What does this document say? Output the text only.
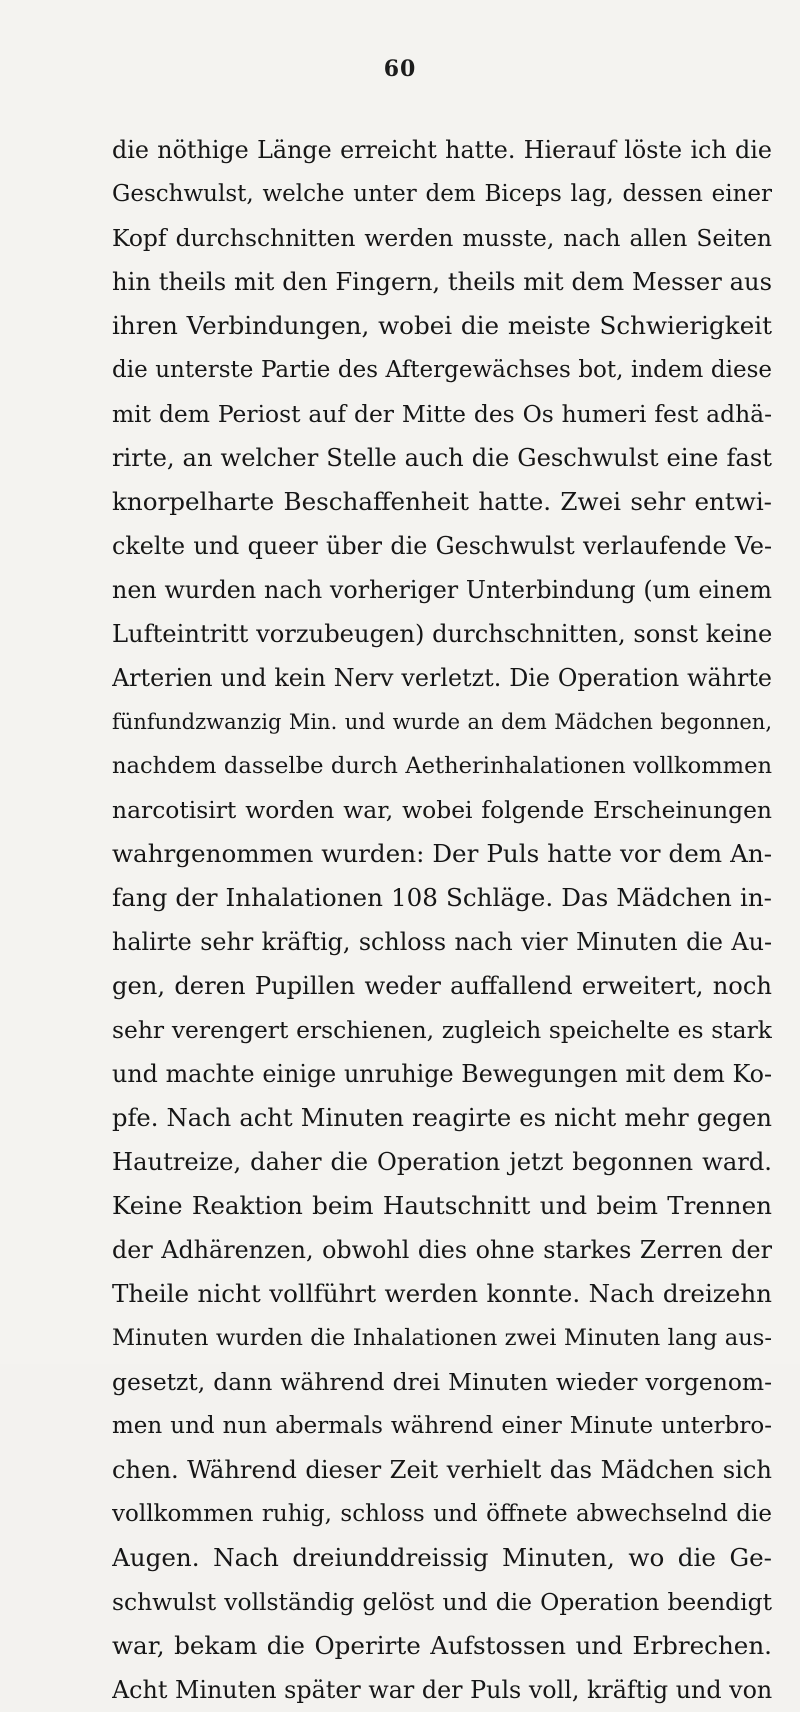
60
die nöthige Länge erreicht hatte. Hierauf löste ich die
Geschwulst, welche unter dem Biceps lag, dessen einer
Kopf durchschnitten werden musste, nach allen Seiten
hin theils mit den Fingern, theils mit dem Messer aus
ihren Verbindungen, wobei die meiste Schwierigkeit
die unterste Partie des Aftergewächses bot, indem diese
mit dem Periost auf der Mitte des Os humeri fest adhä-
rirte, an welcher Stelle auch die Geschwulst eine fast
knorpelharte Beschaffenheit hatte. Zwei sehr entwi-
ckelte und queer über die Geschwulst verlaufende Ve-
nen wurden nach vorheriger Unterbindung (um einem
Lufteintritt vorzubeugen) durchschnitten, sonst keine
Arterien und kein Nerv verletzt. Die Operation währte
fünfundzwanzig Min. und wurde an dem Mädchen begonnen,
nachdem dasselbe durch Aetherinhalationen vollkommen
narcotisirt worden war, wobei folgende Erscheinungen
wahrgenommen wurden: Der Puls hatte vor dem An-
fang der Inhalationen 108 Schläge. Das Mädchen in-
halirte sehr kräftig, schloss nach vier Minuten die Au-
gen, deren Pupillen weder auffallend erweitert, noch
sehr verengert erschienen, zugleich speichelte es stark
und machte einige unruhige Bewegungen mit dem Ko-
pfe. Nach acht Minuten reagirte es nicht mehr gegen
Hautreize, daher die Operation jetzt begonnen ward.
Keine Reaktion beim Hautschnitt und beim Trennen
der Adhärenzen, obwohl dies ohne starkes Zerren der
Theile nicht vollführt werden konnte. Nach dreizehn
Minuten wurden die Inhalationen zwei Minuten lang aus-
gesetzt, dann während drei Minuten wieder vorgenom-
men und nun abermals während einer Minute unterbro-
chen. Während dieser Zeit verhielt das Mädchen sich
vollkommen ruhig, schloss und öffnete abwechselnd die
Augen. Nach dreiunddreissig Minuten, wo die Ge-
schwulst vollständig gelöst und die Operation beendigt
war, bekam die Operirte Aufstossen und Erbrechen.
Acht Minuten später war der Puls voll, kräftig und von
